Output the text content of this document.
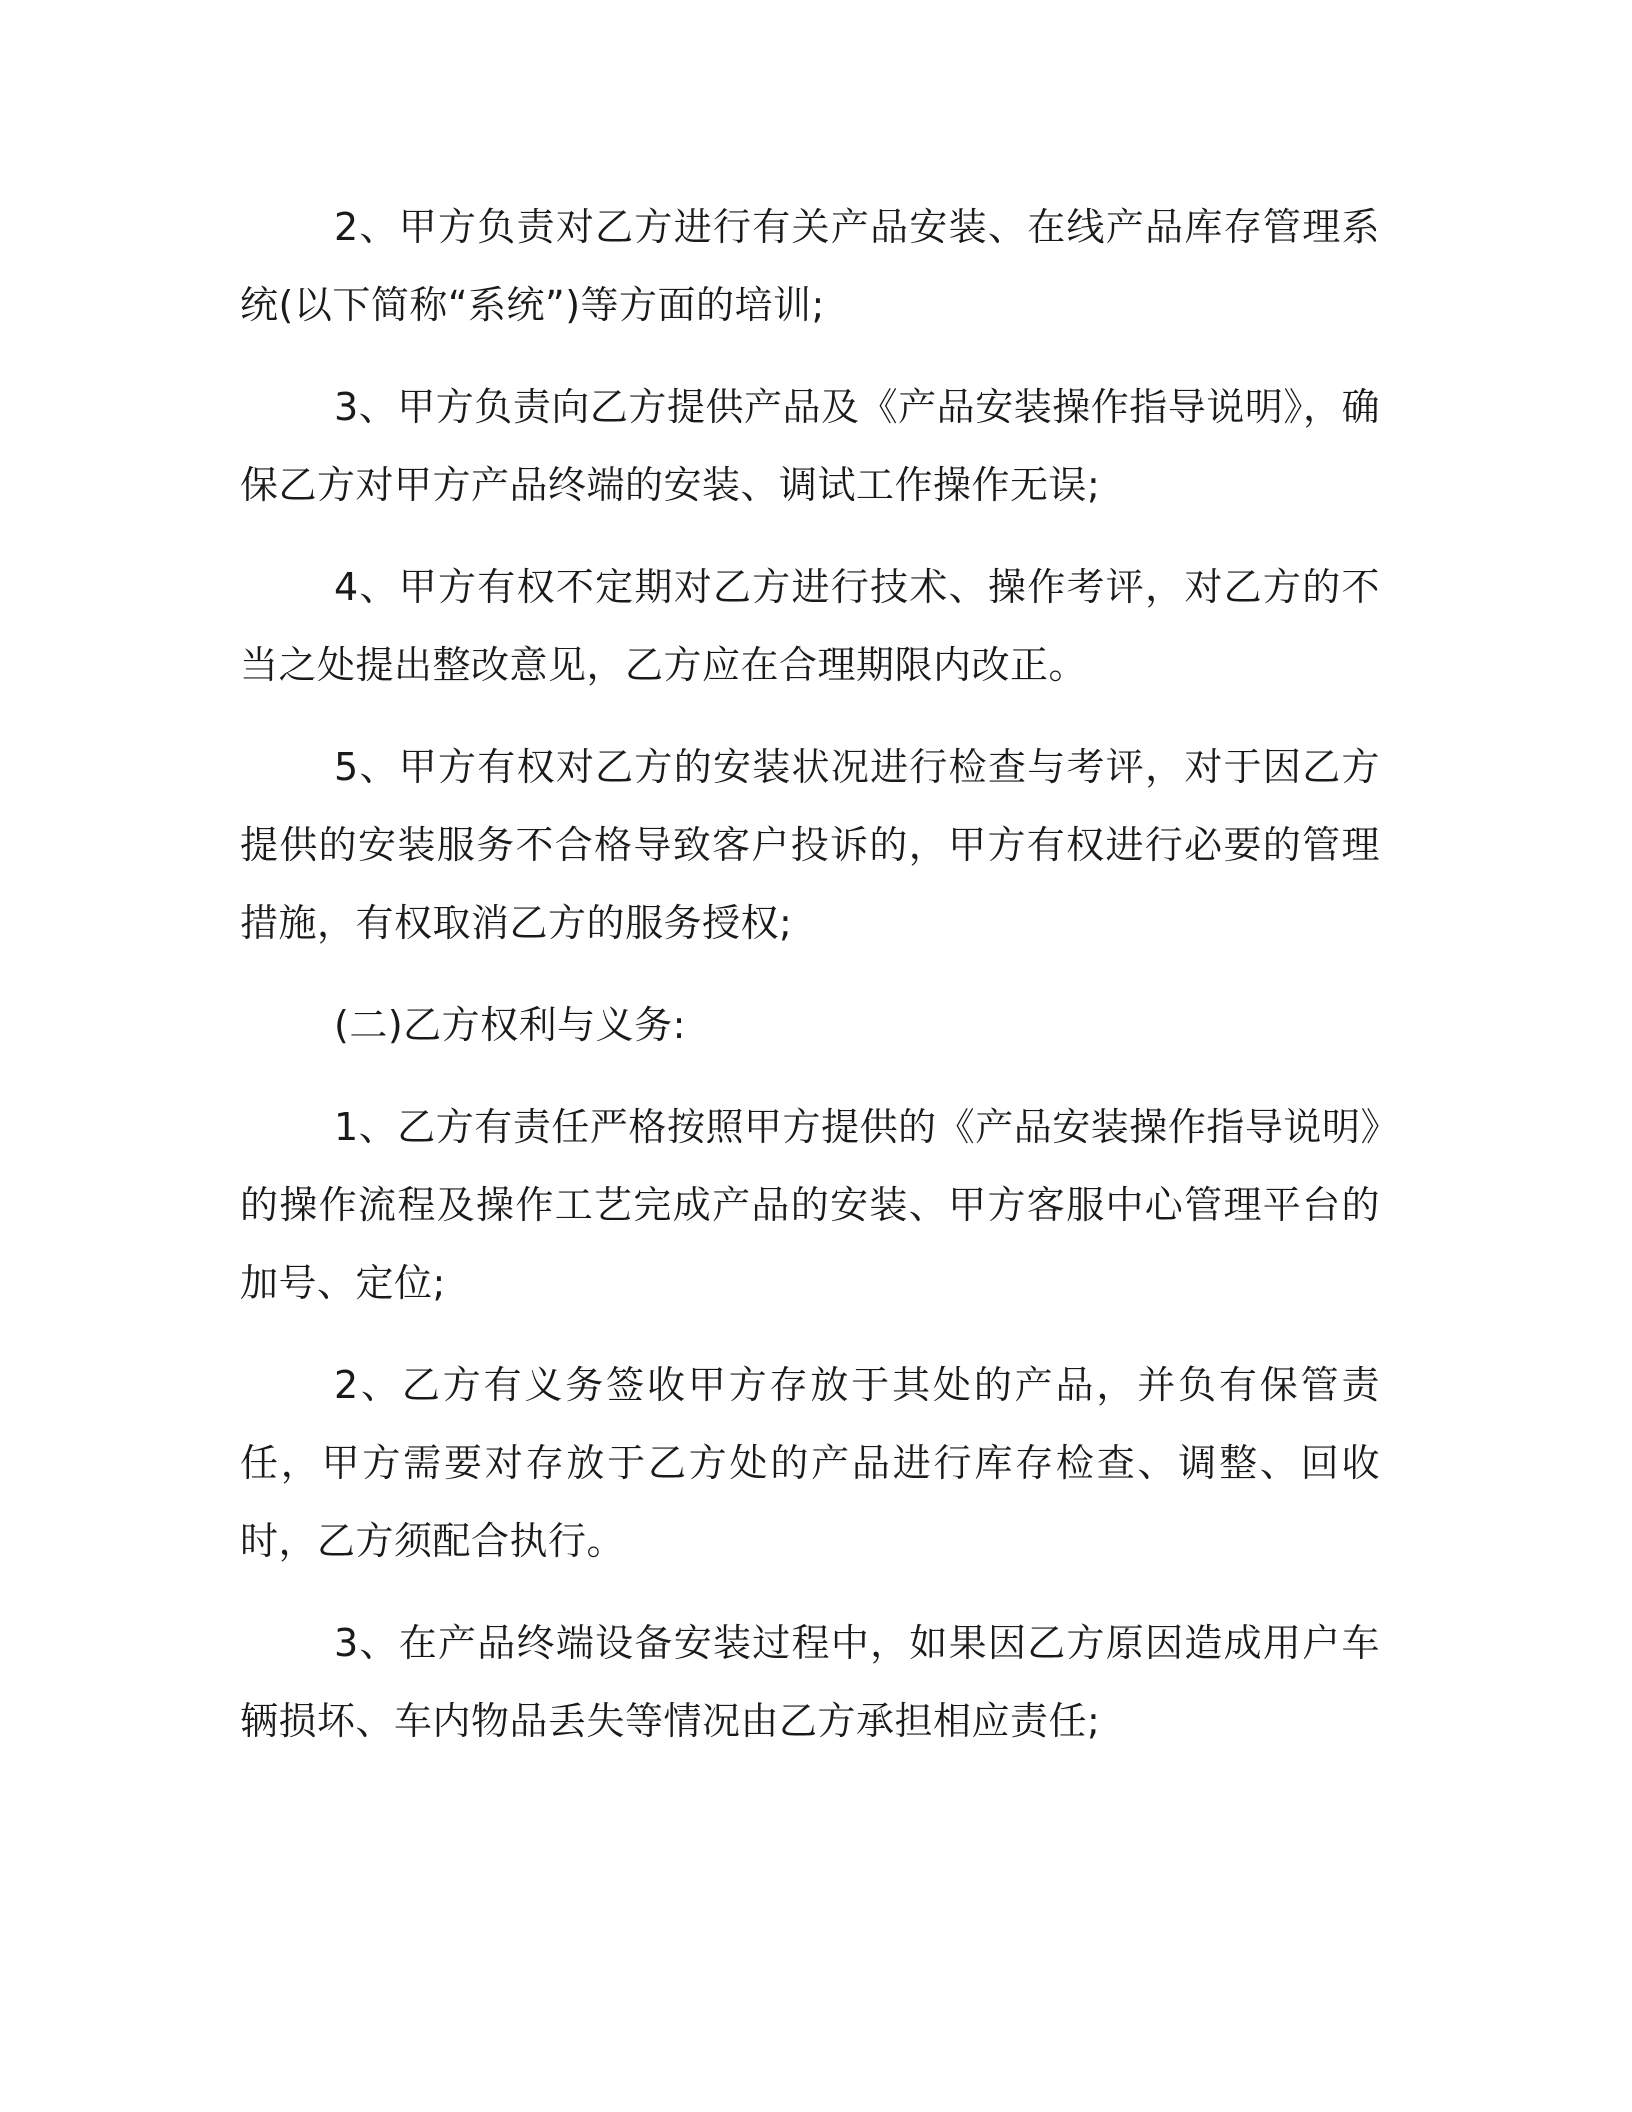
2、甲方负责对乙方进行有关产品安装、在线产品库存管理系统(以下简称“系统”)等方面的培训;

3、甲方负责向乙方提供产品及《产品安装操作指导说明》，确保乙方对甲方产品终端的安装、调试工作操作无误;

4、甲方有权不定期对乙方进行技术、操作考评，对乙方的不当之处提出整改意见，乙方应在合理期限内改正。

5、甲方有权对乙方的安装状况进行检查与考评，对于因乙方提供的安装服务不合格导致客户投诉的，甲方有权进行必要的管理措施，有权取消乙方的服务授权;

(二)乙方权利与义务:

1、乙方有责任严格按照甲方提供的《产品安装操作指导说明》的操作流程及操作工艺完成产品的安装、甲方客服中心管理平台的加号、定位;

2、乙方有义务签收甲方存放于其处的产品，并负有保管责任，甲方需要对存放于乙方处的产品进行库存检查、调整、回收时，乙方须配合执行。

3、在产品终端设备安装过程中，如果因乙方原因造成用户车辆损坏、车内物品丢失等情况由乙方承担相应责任;
